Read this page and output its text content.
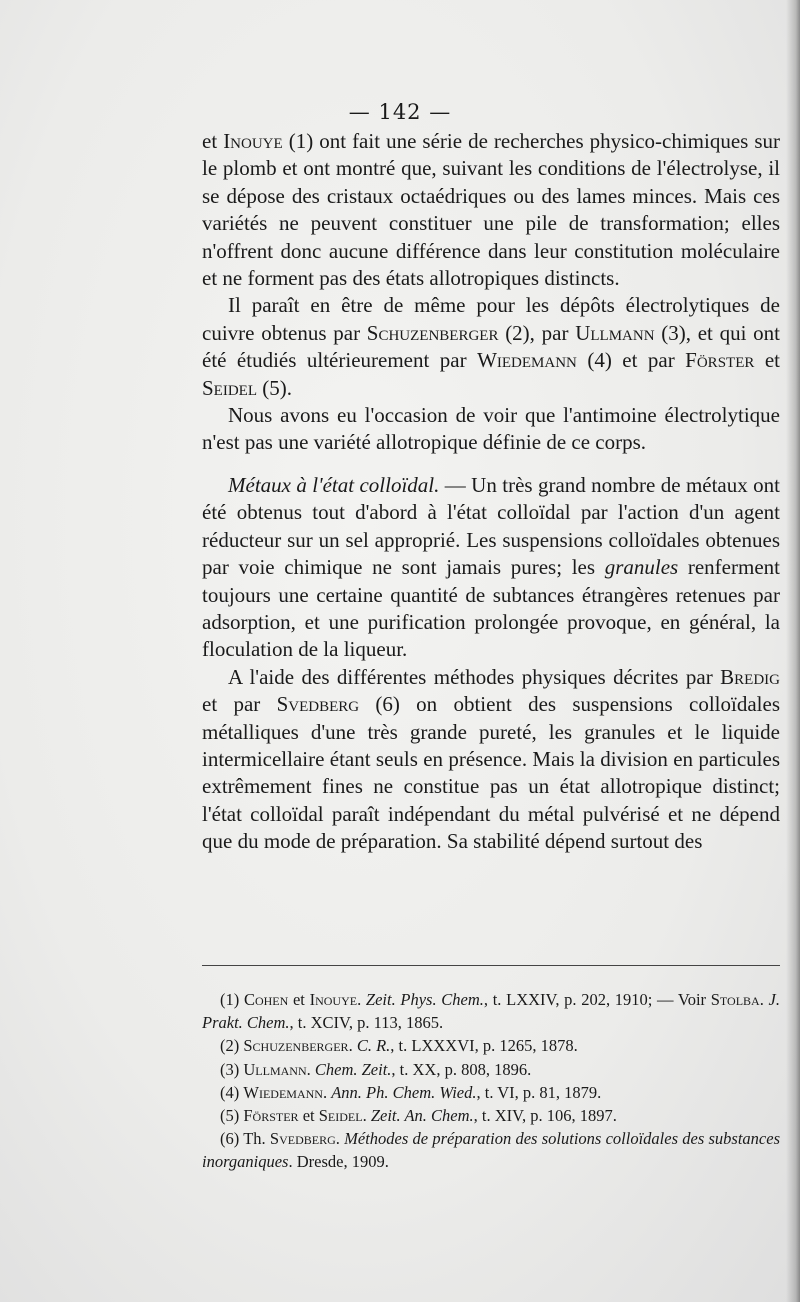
— 142 —

et Inouye (1) ont fait une série de recherches physico-chimiques sur le plomb et ont montré que, suivant les conditions de l'électrolyse, il se dépose des cristaux octaédriques ou des lames minces. Mais ces variétés ne peuvent constituer une pile de transformation; elles n'offrent donc aucune différence dans leur constitution moléculaire et ne forment pas des états allotropiques distincts.

Il paraît en être de même pour les dépôts électrolytiques de cuivre obtenus par Schuzenberger (2), par Ullmann (3), et qui ont été étudiés ultérieurement par Wiedemann (4) et par Förster et Seidel (5).

Nous avons eu l'occasion de voir que l'antimoine électrolytique n'est pas une variété allotropique définie de ce corps.

Métaux à l'état colloïdal. — Un très grand nombre de métaux ont été obtenus tout d'abord à l'état colloïdal par l'action d'un agent réducteur sur un sel approprié. Les suspensions colloïdales obtenues par voie chimique ne sont jamais pures; les granules renferment toujours une certaine quantité de subtances étrangères retenues par adsorption, et une purification prolongée provoque, en général, la floculation de la liqueur.

A l'aide des différentes méthodes physiques décrites par Bredig et par Svedberg (6) on obtient des suspensions colloïdales métalliques d'une très grande pureté, les granules et le liquide intermicellaire étant seuls en présence. Mais la division en particules extrêmement fines ne constitue pas un état allotropique distinct; l'état colloïdal paraît indépendant du métal pulvérisé et ne dépend que du mode de préparation. Sa stabilité dépend surtout des

(1) Cohen et Inouye. Zeit. Phys. Chem., t. LXXIV, p. 202, 1910; — Voir Stolba. J. Prakt. Chem., t. XCIV, p. 113, 1865.

(2) Schuzenberger. C. R., t. LXXXVI, p. 1265, 1878.

(3) Ullmann. Chem. Zeit., t. XX, p. 808, 1896.

(4) Wiedemann. Ann. Ph. Chem. Wied., t. VI, p. 81, 1879.

(5) Förster et Seidel. Zeit. An. Chem., t. XIV, p. 106, 1897.

(6) Th. Svedberg. Méthodes de préparation des solutions colloïdales des substances inorganiques. Dresde, 1909.
